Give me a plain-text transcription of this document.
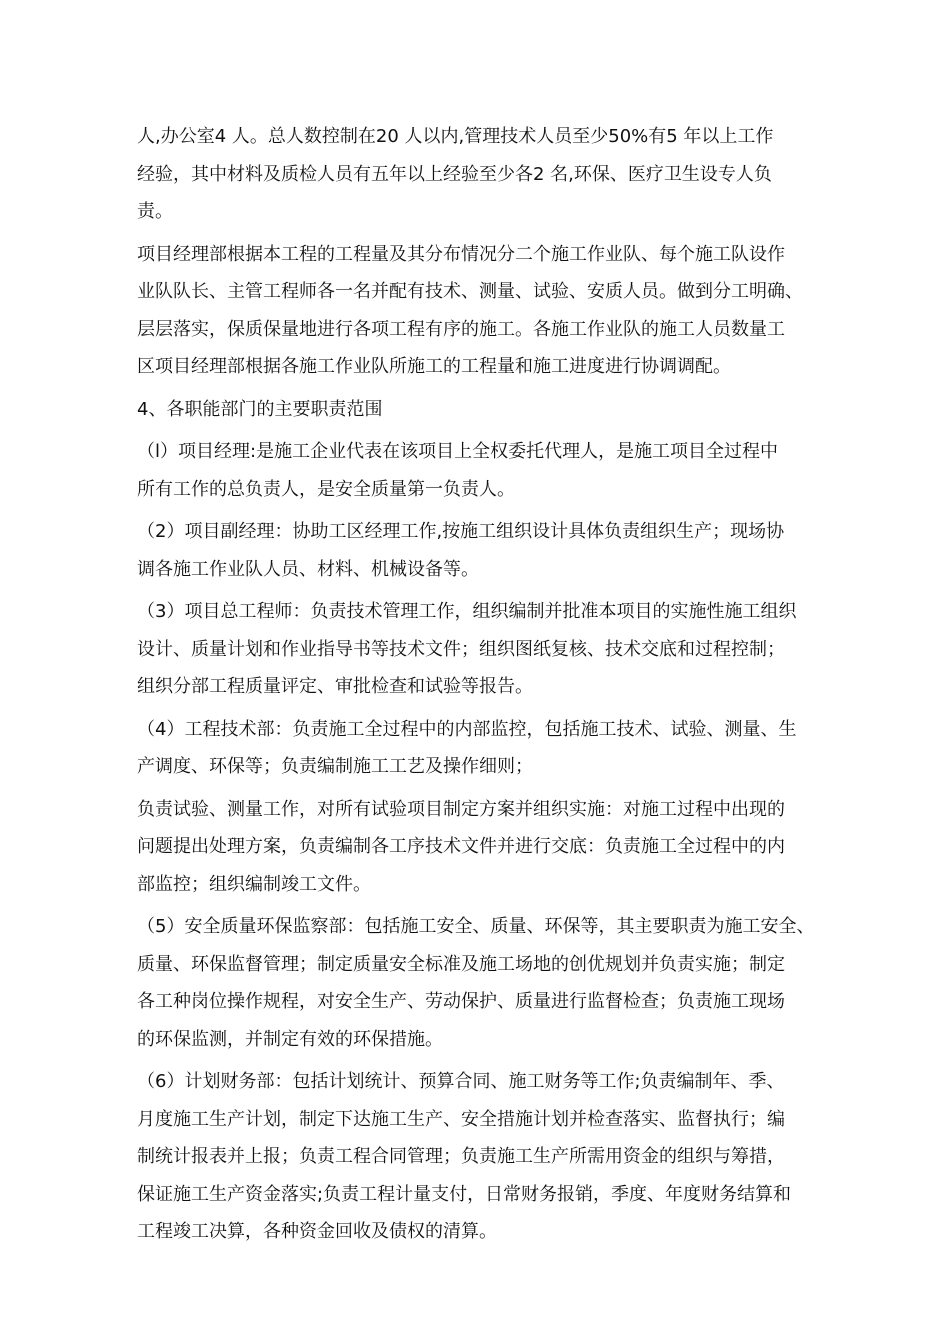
人,办公室4 人。总人数控制在20 人以内,管理技术人员至少50%有5 年以上工作
经验，其中材料及质检人员有五年以上经验至少各2 名,环保、医疗卫生设专人负
责。
项目经理部根据本工程的工程量及其分布情况分二个施工作业队、每个施工队设作
业队队长、主管工程师各一名并配有技术、测量、试验、安质人员。做到分工明确、
层层落实，保质保量地进行各项工程有序的施工。各施工作业队的施工人员数量工
区项目经理部根据各施工作业队所施工的工程量和施工进度进行协调调配。
4、各职能部门的主要职责范围
（l）项目经理:是施工企业代表在该项目上全权委托代理人，是施工项目全过程中
所有工作的总负责人，是安全质量第一负责人。
（2）项目副经理：协助工区经理工作,按施工组织设计具体负责组织生产；现场协
调各施工作业队人员、材料、机械设备等。
（3）项目总工程师：负责技术管理工作，组织编制并批准本项目的实施性施工组织
设计、质量计划和作业指导书等技术文件；组织图纸复核、技术交底和过程控制；
组织分部工程质量评定、审批检查和试验等报告。
（4）工程技术部：负责施工全过程中的内部监控，包括施工技术、试验、测量、生
产调度、环保等；负责编制施工工艺及操作细则；
负责试验、测量工作，对所有试验项目制定方案并组织实施：对施工过程中出现的
问题提出处理方案，负责编制各工序技术文件并进行交底：负责施工全过程中的内
部监控；组织编制竣工文件。
（5）安全质量环保监察部：包括施工安全、质量、环保等，其主要职责为施工安全、
质量、环保监督管理；制定质量安全标准及施工场地的创优规划并负责实施；制定
各工种岗位操作规程，对安全生产、劳动保护、质量进行监督检查；负责施工现场
的环保监测，并制定有效的环保措施。
（6）计划财务部：包括计划统计、预算合同、施工财务等工作;负责编制年、季、
月度施工生产计划，制定下达施工生产、安全措施计划并检查落实、监督执行；编
制统计报表并上报；负责工程合同管理；负责施工生产所需用资金的组织与筹措，
保证施工生产资金落实;负责工程计量支付，日常财务报销，季度、年度财务结算和
工程竣工决算，各种资金回收及债权的清算。
